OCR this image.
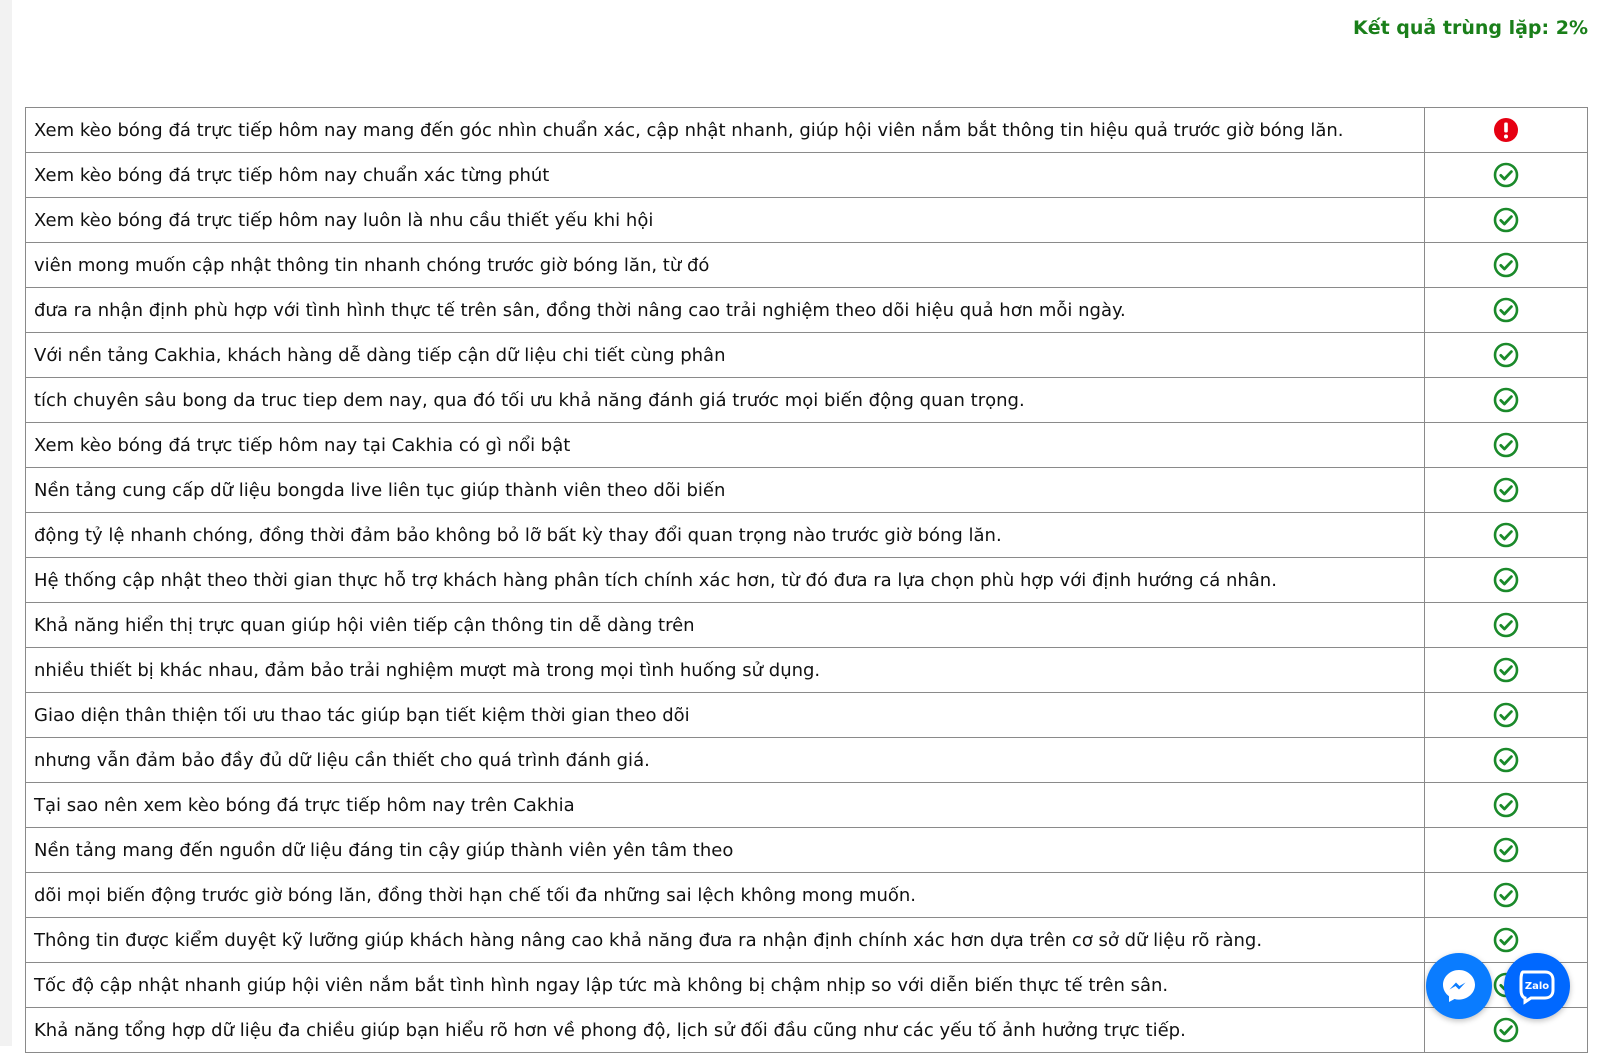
Kết quả trùng lặp: 2%
Xem kèo bóng đá trực tiếp hôm nay mang đến góc nhìn chuẩn xác, cập nhật nhanh, giúp hội viên nắm bắt thông tin hiệu quả trước giờ bóng lăn.	
Xem kèo bóng đá trực tiếp hôm nay chuẩn xác từng phút	
Xem kèo bóng đá trực tiếp hôm nay luôn là nhu cầu thiết yếu khi hội	
viên mong muốn cập nhật thông tin nhanh chóng trước giờ bóng lăn, từ đó	
đưa ra nhận định phù hợp với tình hình thực tế trên sân, đồng thời nâng cao trải nghiệm theo dõi hiệu quả hơn mỗi ngày.	
Với nền tảng Cakhia, khách hàng dễ dàng tiếp cận dữ liệu chi tiết cùng phân	
tích chuyên sâu bong da truc tiep dem nay, qua đó tối ưu khả năng đánh giá trước mọi biến động quan trọng.	
Xem kèo bóng đá trực tiếp hôm nay tại Cakhia có gì nổi bật	
Nền tảng cung cấp dữ liệu bongda live liên tục giúp thành viên theo dõi biến	
động tỷ lệ nhanh chóng, đồng thời đảm bảo không bỏ lỡ bất kỳ thay đổi quan trọng nào trước giờ bóng lăn.	
Hệ thống cập nhật theo thời gian thực hỗ trợ khách hàng phân tích chính xác hơn, từ đó đưa ra lựa chọn phù hợp với định hướng cá nhân.	
Khả năng hiển thị trực quan giúp hội viên tiếp cận thông tin dễ dàng trên	
nhiều thiết bị khác nhau, đảm bảo trải nghiệm mượt mà trong mọi tình huống sử dụng.	
Giao diện thân thiện tối ưu thao tác giúp bạn tiết kiệm thời gian theo dõi	
nhưng vẫn đảm bảo đầy đủ dữ liệu cần thiết cho quá trình đánh giá.	
Tại sao nên xem kèo bóng đá trực tiếp hôm nay trên Cakhia	
Nền tảng mang đến nguồn dữ liệu đáng tin cậy giúp thành viên yên tâm theo	
dõi mọi biến động trước giờ bóng lăn, đồng thời hạn chế tối đa những sai lệch không mong muốn.	
Thông tin được kiểm duyệt kỹ lưỡng giúp khách hàng nâng cao khả năng đưa ra nhận định chính xác hơn dựa trên cơ sở dữ liệu rõ ràng.	
Tốc độ cập nhật nhanh giúp hội viên nắm bắt tình hình ngay lập tức mà không bị chậm nhịp so với diễn biến thực tế trên sân.	
Khả năng tổng hợp dữ liệu đa chiều giúp bạn hiểu rõ hơn về phong độ, lịch sử đối đầu cũng như các yếu tố ảnh hưởng trực tiếp.	
Zalo
